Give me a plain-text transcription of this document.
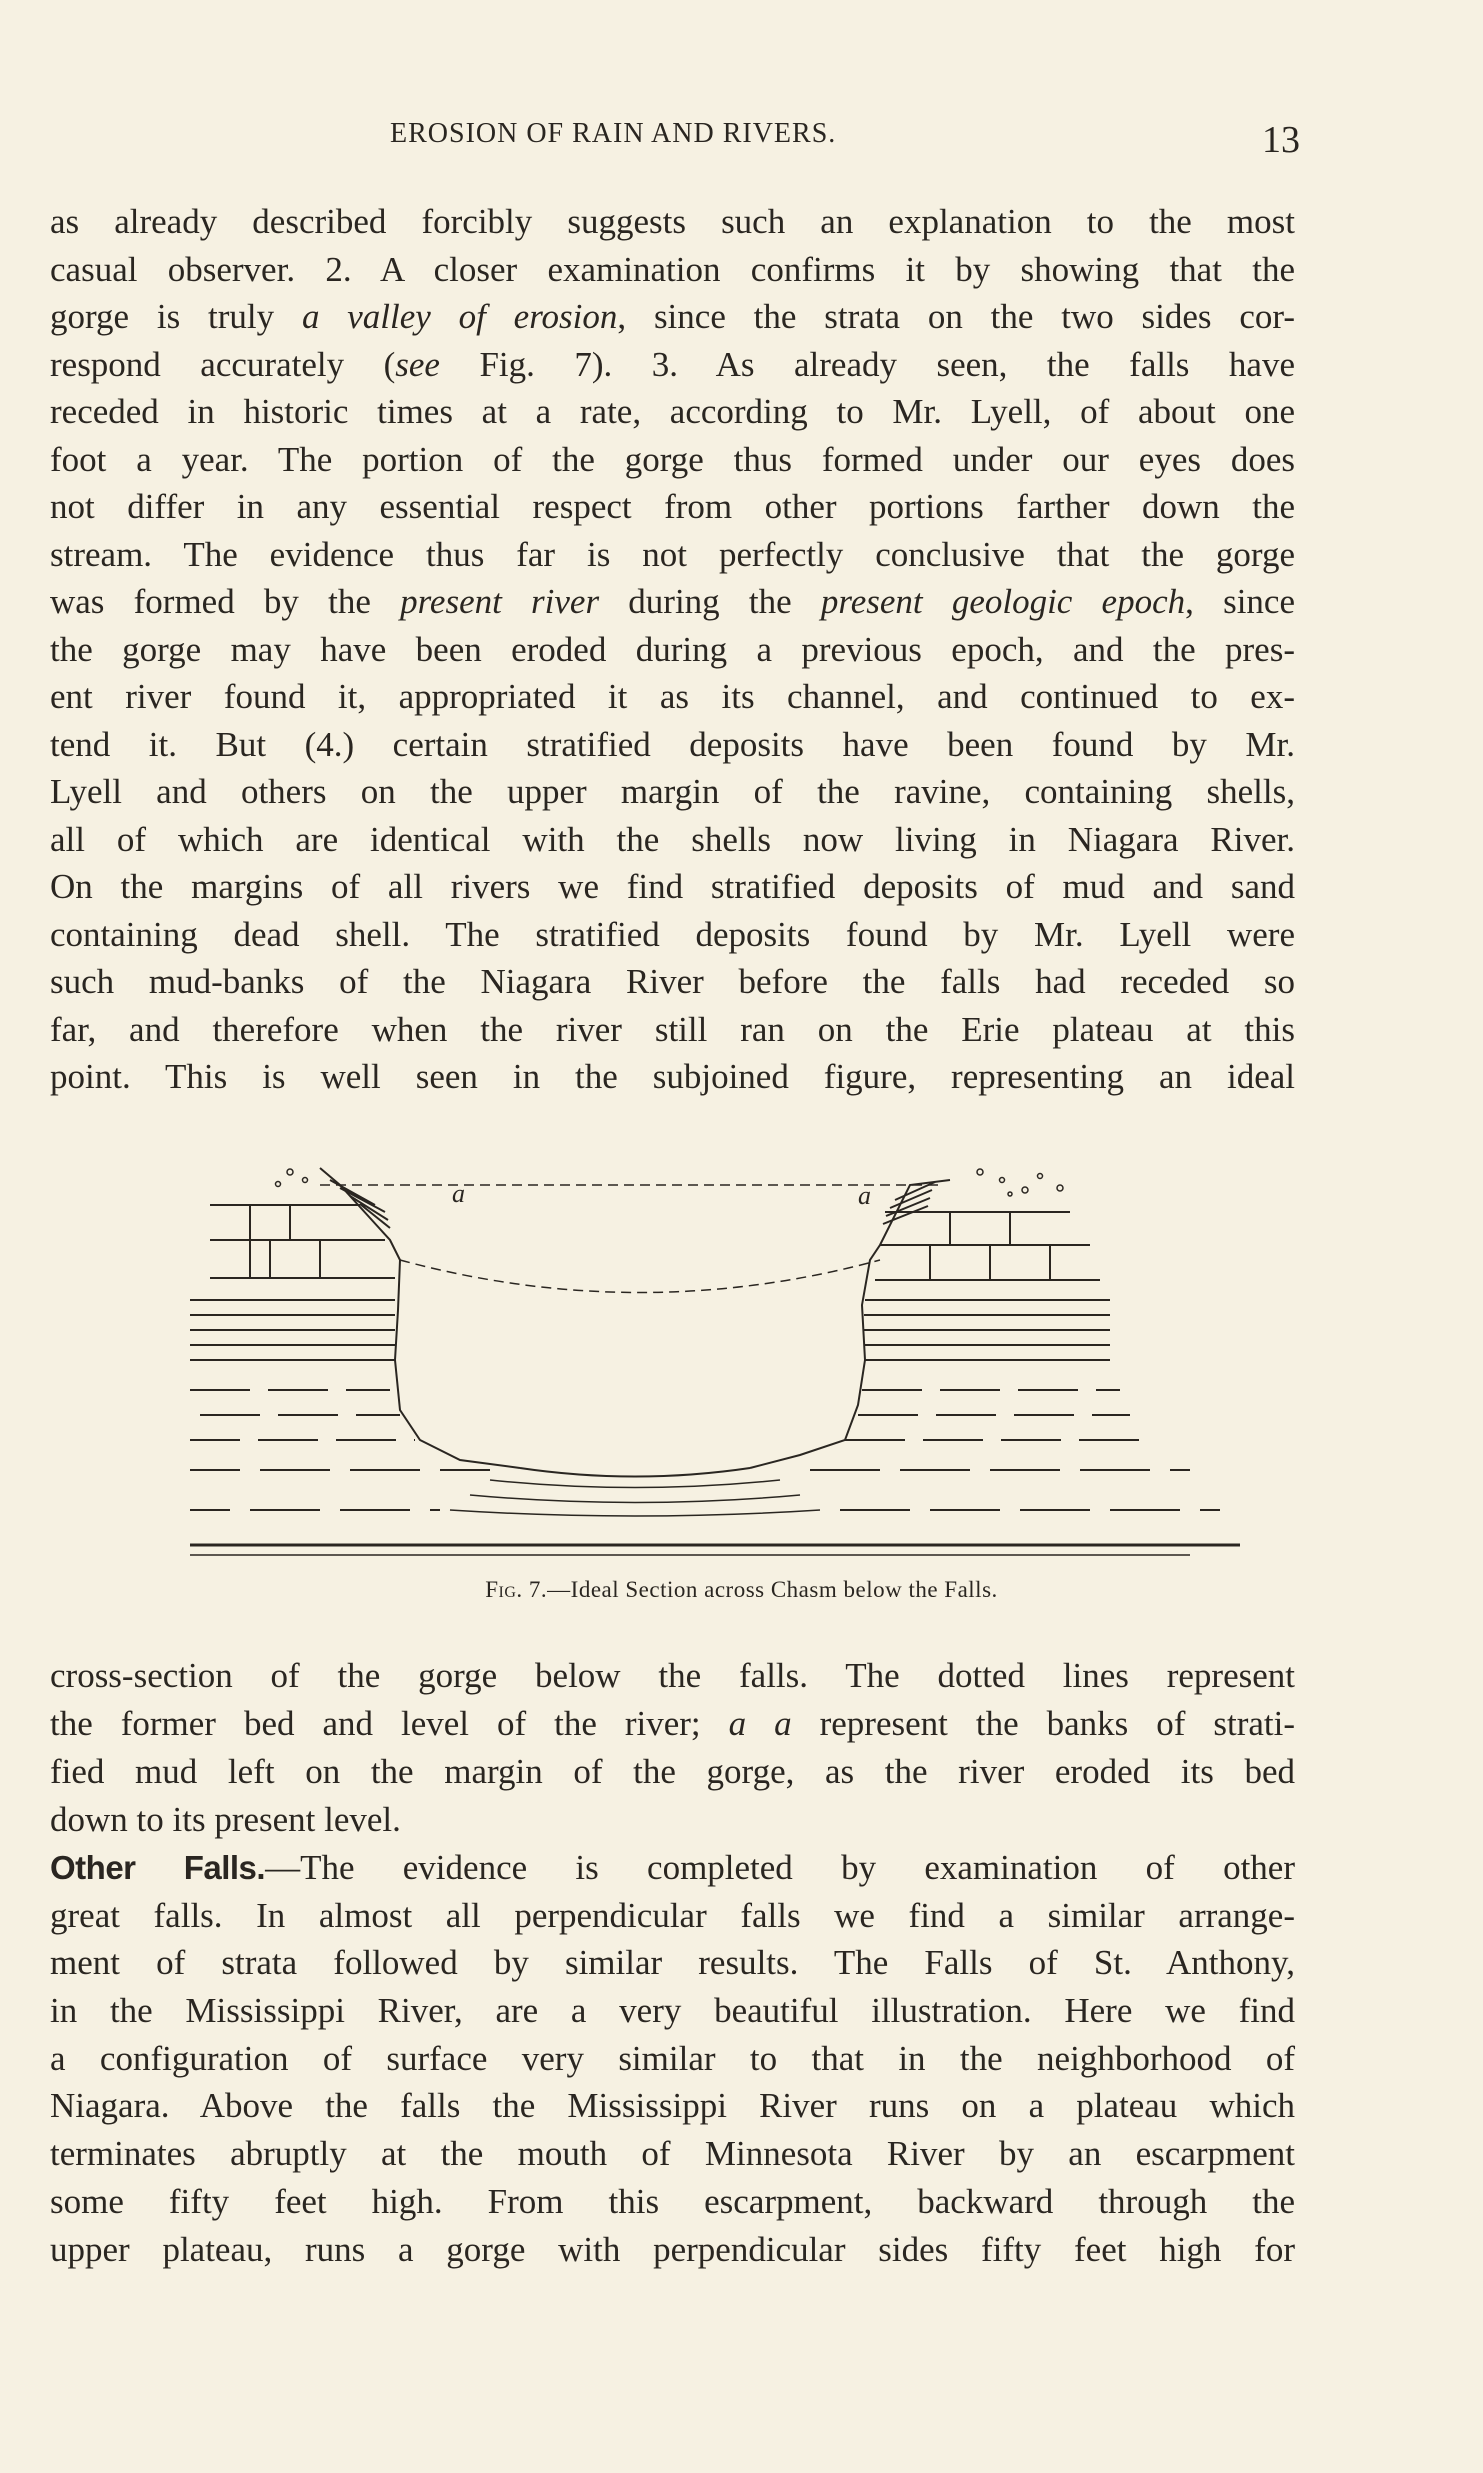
EROSION OF RAIN AND RIVERS.	13
as already described forcibly suggests such an explanation to the most
casual observer. 2. A closer examination confirms it by showing that the
gorge is truly a valley of erosion, since the strata on the two sides cor-
respond accurately (see Fig. 7). 3. As already seen, the falls have
receded in historic times at a rate, according to Mr. Lyell, of about one
foot a year. The portion of the gorge thus formed under our eyes does
not differ in any essential respect from other portions farther down the
stream. The evidence thus far is not perfectly conclusive that the gorge
was formed by the present river during the present geologic epoch, since
the gorge may have been eroded during a previous epoch, and the pres-
ent river found it, appropriated it as its channel, and continued to ex-
tend it. But (4.) certain stratified deposits have been found by Mr.
Lyell and others on the upper margin of the ravine, containing shells,
all of which are identical with the shells now living in Niagara River.
On the margins of all rivers we find stratified deposits of mud and sand
containing dead shell. The stratified deposits found by Mr. Lyell were
such mud-banks of the Niagara River before the falls had receded so
far, and therefore when the river still ran on the Erie plateau at this
point. This is well seen in the subjoined figure, representing an ideal
a	a
Fig. 7.—Ideal Section across Chasm below the Falls.
cross-section of the gorge below the falls. The dotted lines represent
the former bed and level of the river; a a represent the banks of strati-
fied mud left on the margin of the gorge, as the river eroded its bed
down to its present level.
Other Falls.—The evidence is completed by examination of other
great falls. In almost all perpendicular falls we find a similar arrange-
ment of strata followed by similar results. The Falls of St. Anthony,
in the Mississippi River, are a very beautiful illustration. Here we find
a configuration of surface very similar to that in the neighborhood of
Niagara. Above the falls the Mississippi River runs on a plateau which
terminates abruptly at the mouth of Minnesota River by an escarpment
some fifty feet high. From this escarpment, backward through the
upper plateau, runs a gorge with perpendicular sides fifty feet high for
